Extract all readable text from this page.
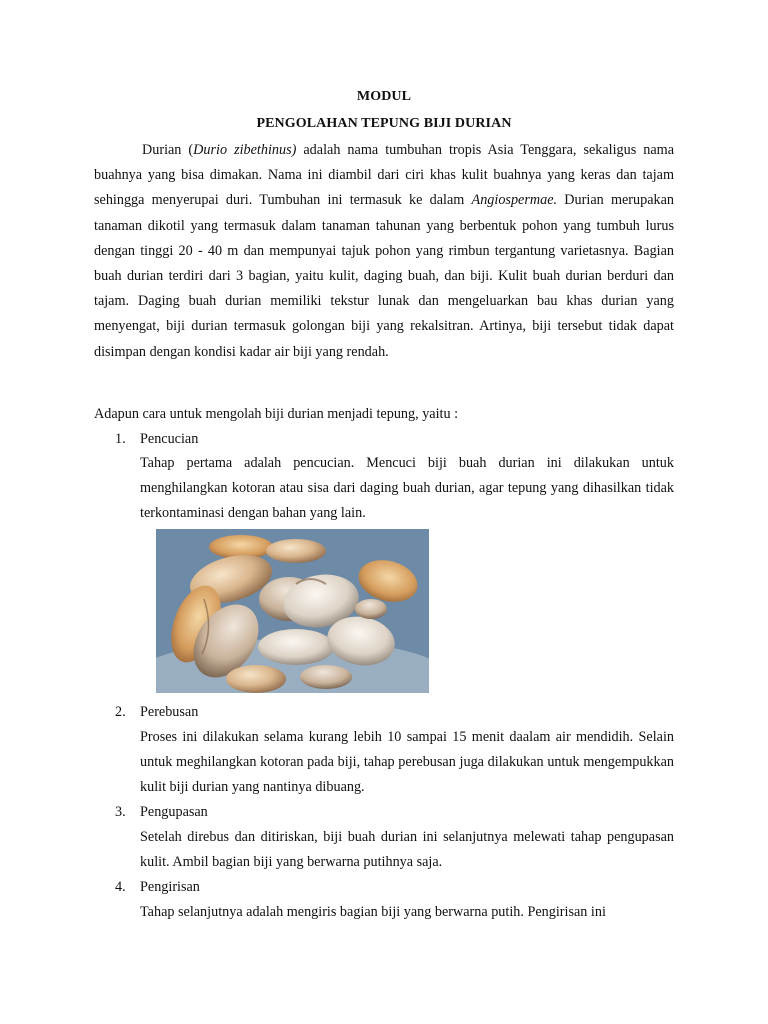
MODUL
PENGOLAHAN TEPUNG BIJI DURIAN

Durian (Durio zibethinus) adalah nama tumbuhan tropis Asia Tenggara, sekaligus nama buahnya yang bisa dimakan. Nama ini diambil dari ciri khas kulit buahnya yang keras dan tajam sehingga menyerupai duri. Tumbuhan ini termasuk ke dalam Angiospermae. Durian merupakan tanaman dikotil yang termasuk dalam tanaman tahunan yang berbentuk pohon yang tumbuh lurus dengan tinggi 20 - 40 m dan mempunyai tajuk pohon yang rimbun tergantung varietasnya. Bagian buah durian terdiri dari 3 bagian, yaitu kulit, daging buah, dan biji. Kulit buah durian berduri dan tajam. Daging buah durian memiliki tekstur lunak dan mengeluarkan bau khas durian yang menyengat, biji durian termasuk golongan biji yang rekalsitran. Artinya, biji tersebut tidak dapat disimpan dengan kondisi kadar air biji yang rendah.

Adapun cara untuk mengolah biji durian menjadi tepung, yaitu :

1. Pencucian

Tahap pertama adalah pencucian. Mencuci biji buah durian ini dilakukan untuk menghilangkan kotoran atau sisa dari daging buah durian, agar tepung yang dihasilkan tidak terkontaminasi dengan bahan yang lain.

2. Perebusan

Proses ini dilakukan selama kurang lebih 10 sampai 15 menit daalam air mendidih. Selain untuk meghilangkan kotoran pada biji, tahap perebusan juga dilakukan untuk mengempukkan kulit biji durian yang nantinya dibuang.

3. Pengupasan

Setelah direbus dan ditiriskan, biji buah durian ini selanjutnya melewati tahap pengupasan kulit. Ambil bagian biji yang berwarna putihnya saja.

4. Pengirisan

Tahap selanjutnya adalah mengiris bagian biji yang berwarna putih. Pengirisan ini
